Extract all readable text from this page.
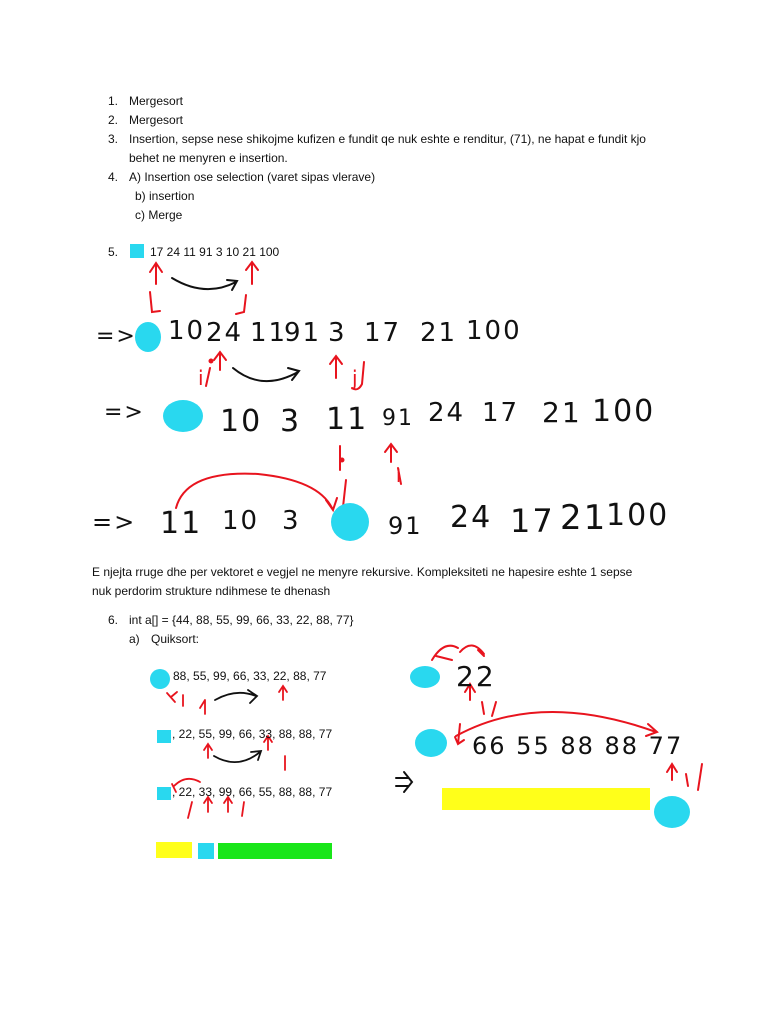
1. Mergesort
2. Mergesort
3. Insertion, sepse nese shikojme kufizen e fundit qe nuk eshte e renditur, (71), ne hapat e fundit kjo
behet ne menyren e insertion.
4. A) Insertion ose selection (varet sipas vlerave)
b) insertion
c) Merge
5.	17 24 11 91 3 10 21 100
=> 10 24 11
91 3 17 21 100
=>	10 3 11 91 24 17 21 100
=> 11 10 3	91 24 17 21
100
i	j
i
E njejta rruge dhe per vektoret e vegjel ne menyre rekursive. Kompleksiteti ne hapesire eshte 1 sepse
nuk perdorim strukture ndihmese te dhenash
6. int a[] = {44, 88, 55, 99, 66, 33, 22, 88, 77}
a) Quiksort:
88, 55, 99, 66, 33, 22, 88, 77
, 22, 55, 99, 66, 33, 88, 88, 77
, 22, 33, 99, 66, 55, 88, 88, 77
22
66 55 88 88 77
